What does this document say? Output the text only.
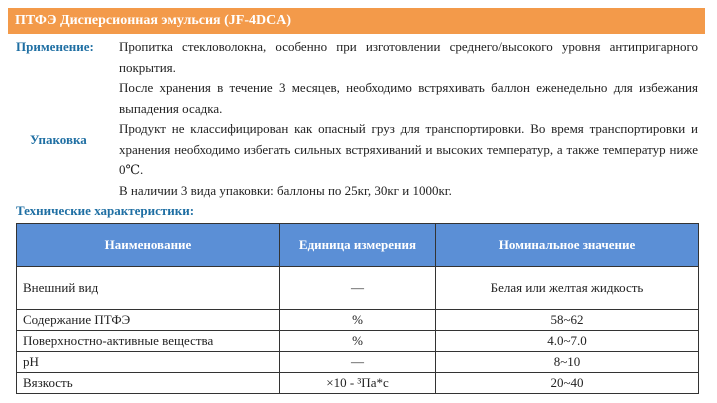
ПТФЭ Дисперсионная эмульсия (JF-4DCA)
Применение: Пропитка стекловолокна, особенно при изготовлении среднего/высокого уровня антипригарного покрытия.
Упаковка
После хранения в течение 3 месяцев, необходимо встряхивать баллон еженедельно для избежания выпадения осадка.
Продукт не классифицирован как опасный груз для транспортировки. Во время транспортировки и хранения необходимо избегать сильных встряхиваний и высоких температур, а также температур ниже 0℃.
В наличии 3 вида упаковки: баллоны по 25кг, 30кг и 1000кг.
Технические характеристики:
Наименование	Единица измерения	Номинальное значение
Внешний вид	—	Белая или желтая жидкость
Содержание ПТФЭ	%	58~62
Поверхностно-активные вещества	%	4.0~7.0
pH	—	8~10
Вязкость	×10 - ³Па*с	20~40
